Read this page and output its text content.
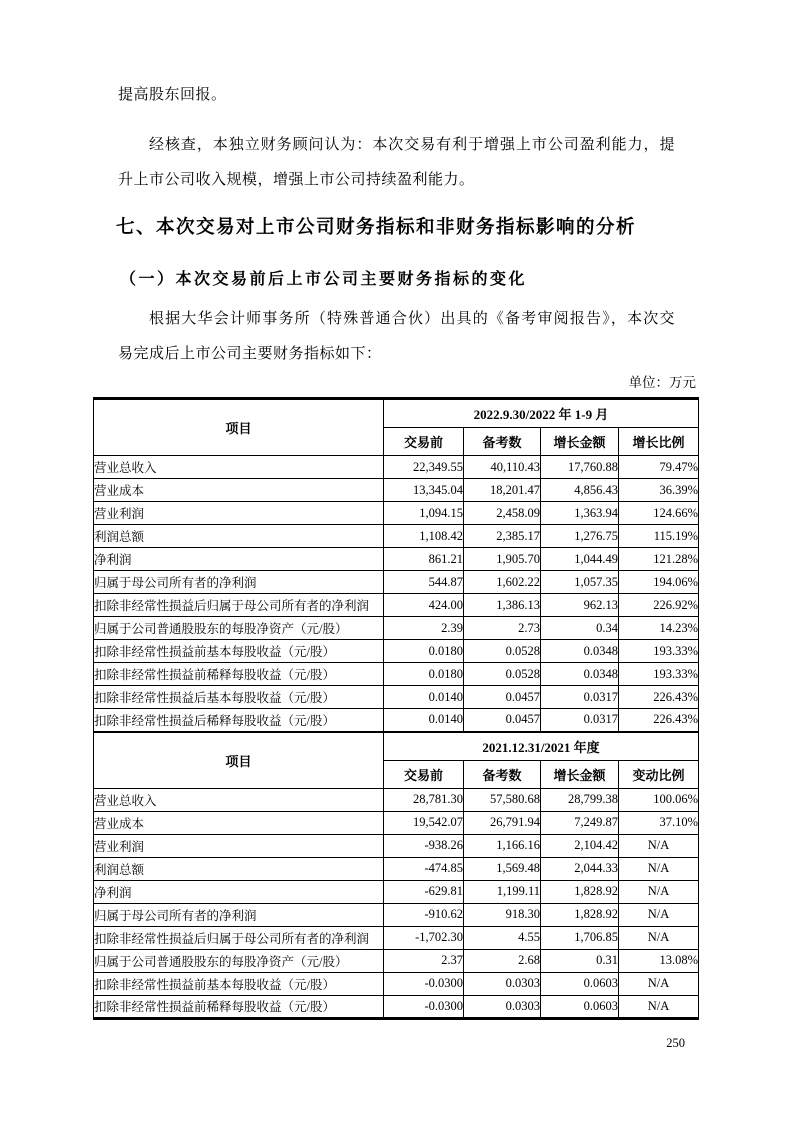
提高股东回报。

经核查，本独立财务顾问认为：本次交易有利于增强上市公司盈利能力，提
升上市公司收入规模，增强上市公司持续盈利能力。

七、本次交易对上市公司财务指标和非财务指标影响的分析
（一）本次交易前后上市公司主要财务指标的变化

根据大华会计师事务所（特殊普通合伙）出具的《备考审阅报告》，本次交
易完成后上市公司主要财务指标如下：

单位：万元
项目	2022.9.30/2022 年 1-9 月			
	交易前	备考数	增长金额	增长比例
营业总收入	22,349.55	40,110.43	17,760.88	79.47%
营业成本	13,345.04	18,201.47	4,856.43	36.39%
营业利润	1,094.15	2,458.09	1,363.94	124.66%
利润总额	1,108.42	2,385.17	1,276.75	115.19%
净利润	861.21	1,905.70	1,044.49	121.28%
归属于母公司所有者的净利润	544.87	1,602.22	1,057.35	194.06%
扣除非经常性损益后归属于母公司所有者的净利润	424.00	1,386.13	962.13	226.92%
归属于公司普通股股东的每股净资产（元/股）	2.39	2.73	0.34	14.23%
扣除非经常性损益前基本每股收益（元/股）	0.0180	0.0528	0.0348	193.33%
扣除非经常性损益前稀释每股收益（元/股）	0.0180	0.0528	0.0348	193.33%
扣除非经常性损益后基本每股收益（元/股）	0.0140	0.0457	0.0317	226.43%
扣除非经常性损益后稀释每股收益（元/股）	0.0140	0.0457	0.0317	226.43%
项目	2021.12.31/2021 年度			
	交易前	备考数	增长金额	变动比例
营业总收入	28,781.30	57,580.68	28,799.38	100.06%
营业成本	19,542.07	26,791.94	7,249.87	37.10%
营业利润	-938.26	1,166.16	2,104.42	N/A
利润总额	-474.85	1,569.48	2,044.33	N/A
净利润	-629.81	1,199.11	1,828.92	N/A
归属于母公司所有者的净利润	-910.62	918.30	1,828.92	N/A
扣除非经常性损益后归属于母公司所有者的净利润	-1,702.30	4.55	1,706.85	N/A
归属于公司普通股股东的每股净资产（元/股）	2.37	2.68	0.31	13.08%
扣除非经常性损益前基本每股收益（元/股）	-0.0300	0.0303	0.0603	N/A
扣除非经常性损益前稀释每股收益（元/股）	-0.0300	0.0303	0.0603	N/A
250
